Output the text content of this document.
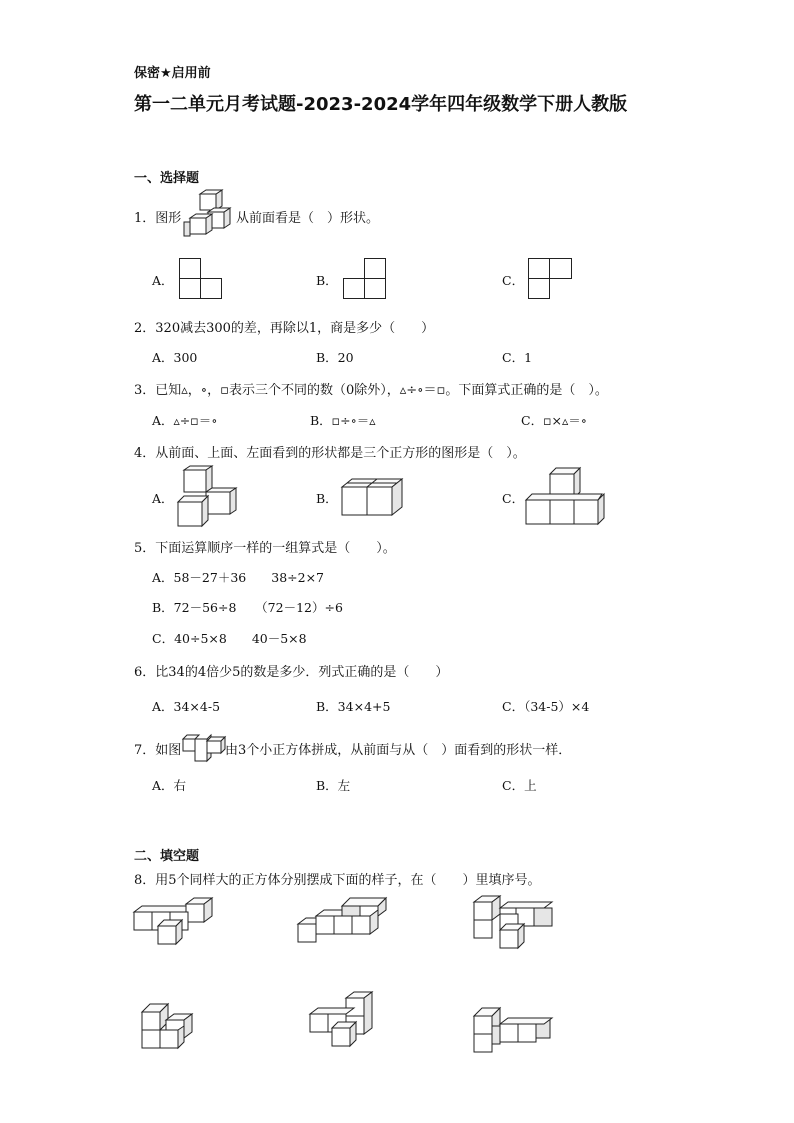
保密★启用前
第一二单元月考试题-2023-2024学年四年级数学下册人教版
一、选择题
1．图形	从前面看是（　）形状。
A．	B．	C．
2．320减去300的差，再除以1，商是多少（　　）
A．300	B．20	C．1
3．已知▵，∘，▫表示三个不同的数（0除外），▵÷∘＝▫。下面算式正确的是（　）。
A．▵÷▫＝∘	B．▫÷∘＝▵	C．▫×▵＝∘
4．从前面、上面、左面看到的形状都是三个正方形的图形是（　）。
A．	B．	C．
5．下面运算顺序一样的一组算式是（　　）。
A．58－27＋36　　38÷2×7
B．72－56÷8　　（72－12）÷6
C．40÷5×8　　40－5×8
6．比34的4倍少5的数是多少．列式正确的是（　　）
A．34×4-5	B．34×4+5	C．（34-5）×4
7．如图	由3个小正方体拼成，从前面与从（　）面看到的形状一样．
A．右	B．左	C．上
二、填空题
8．用5个同样大的正方体分别摆成下面的样子，在（　　）里填序号。
